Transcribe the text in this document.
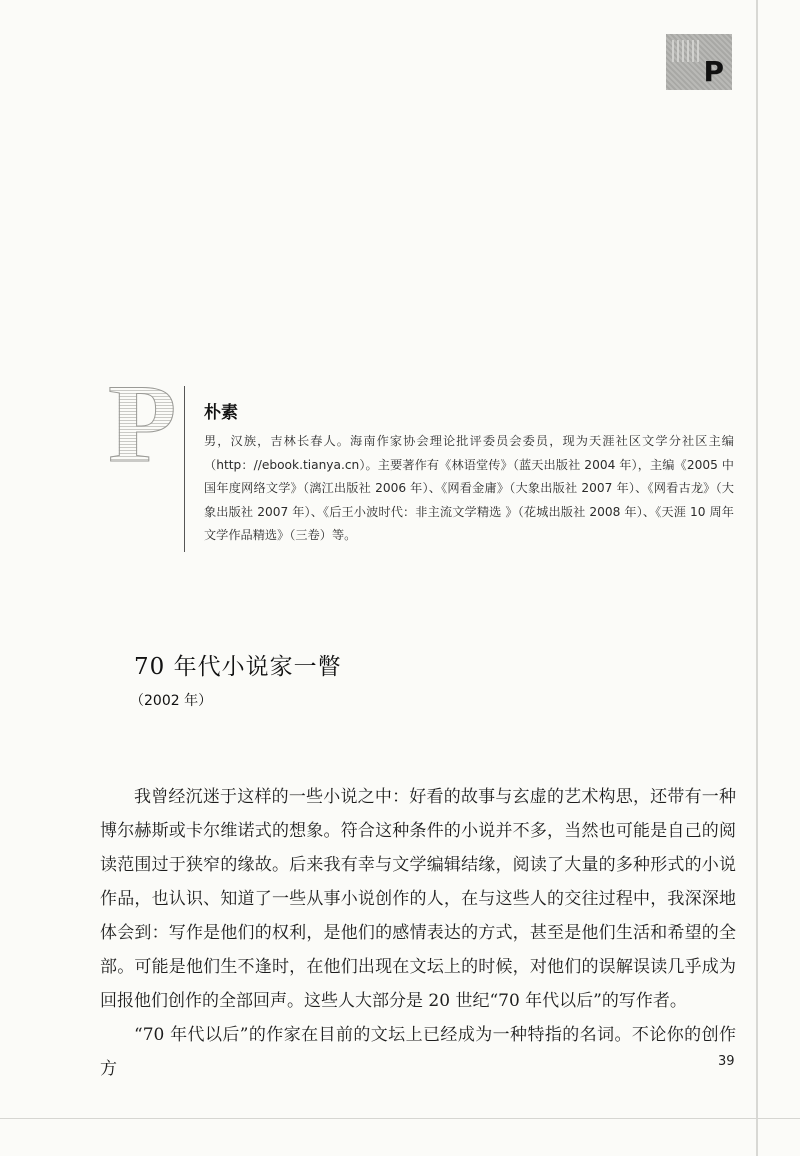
P
P 朴素
男，汉族，吉林长春人。海南作家协会理论批评委员会委员，现为天涯社区文学分社区主编（http：//ebook.tianya.cn）。主要著作有《林语堂传》（蓝天出版社 2004 年），主编《2005 中国年度网络文学》（漓江出版社 2006 年）、《网看金庸》（大象出版社 2007 年）、《网看古龙》（大象出版社 2007 年）、《后王小波时代：非主流文学精选 》（花城出版社 2008 年）、《天涯 10 周年文学作品精选》（三卷）等。
70 年代小说家一瞥
（2002 年）

我曾经沉迷于这样的一些小说之中：好看的故事与玄虚的艺术构思，还带有一种博尔赫斯或卡尔维诺式的想象。符合这种条件的小说并不多，当然也可能是自己的阅读范围过于狭窄的缘故。后来我有幸与文学编辑结缘，阅读了大量的多种形式的小说作品，也认识、知道了一些从事小说创作的人，在与这些人的交往过程中，我深深地体会到：写作是他们的权利，是他们的感情表达的方式，甚至是他们生活和希望的全部。可能是他们生不逢时，在他们出现在文坛上的时候，对他们的误解误读几乎成为回报他们创作的全部回声。这些人大部分是 20 世纪“70 年代以后”的写作者。

“70 年代以后”的作家在目前的文坛上已经成为一种特指的名词。不论你的创作方	39
